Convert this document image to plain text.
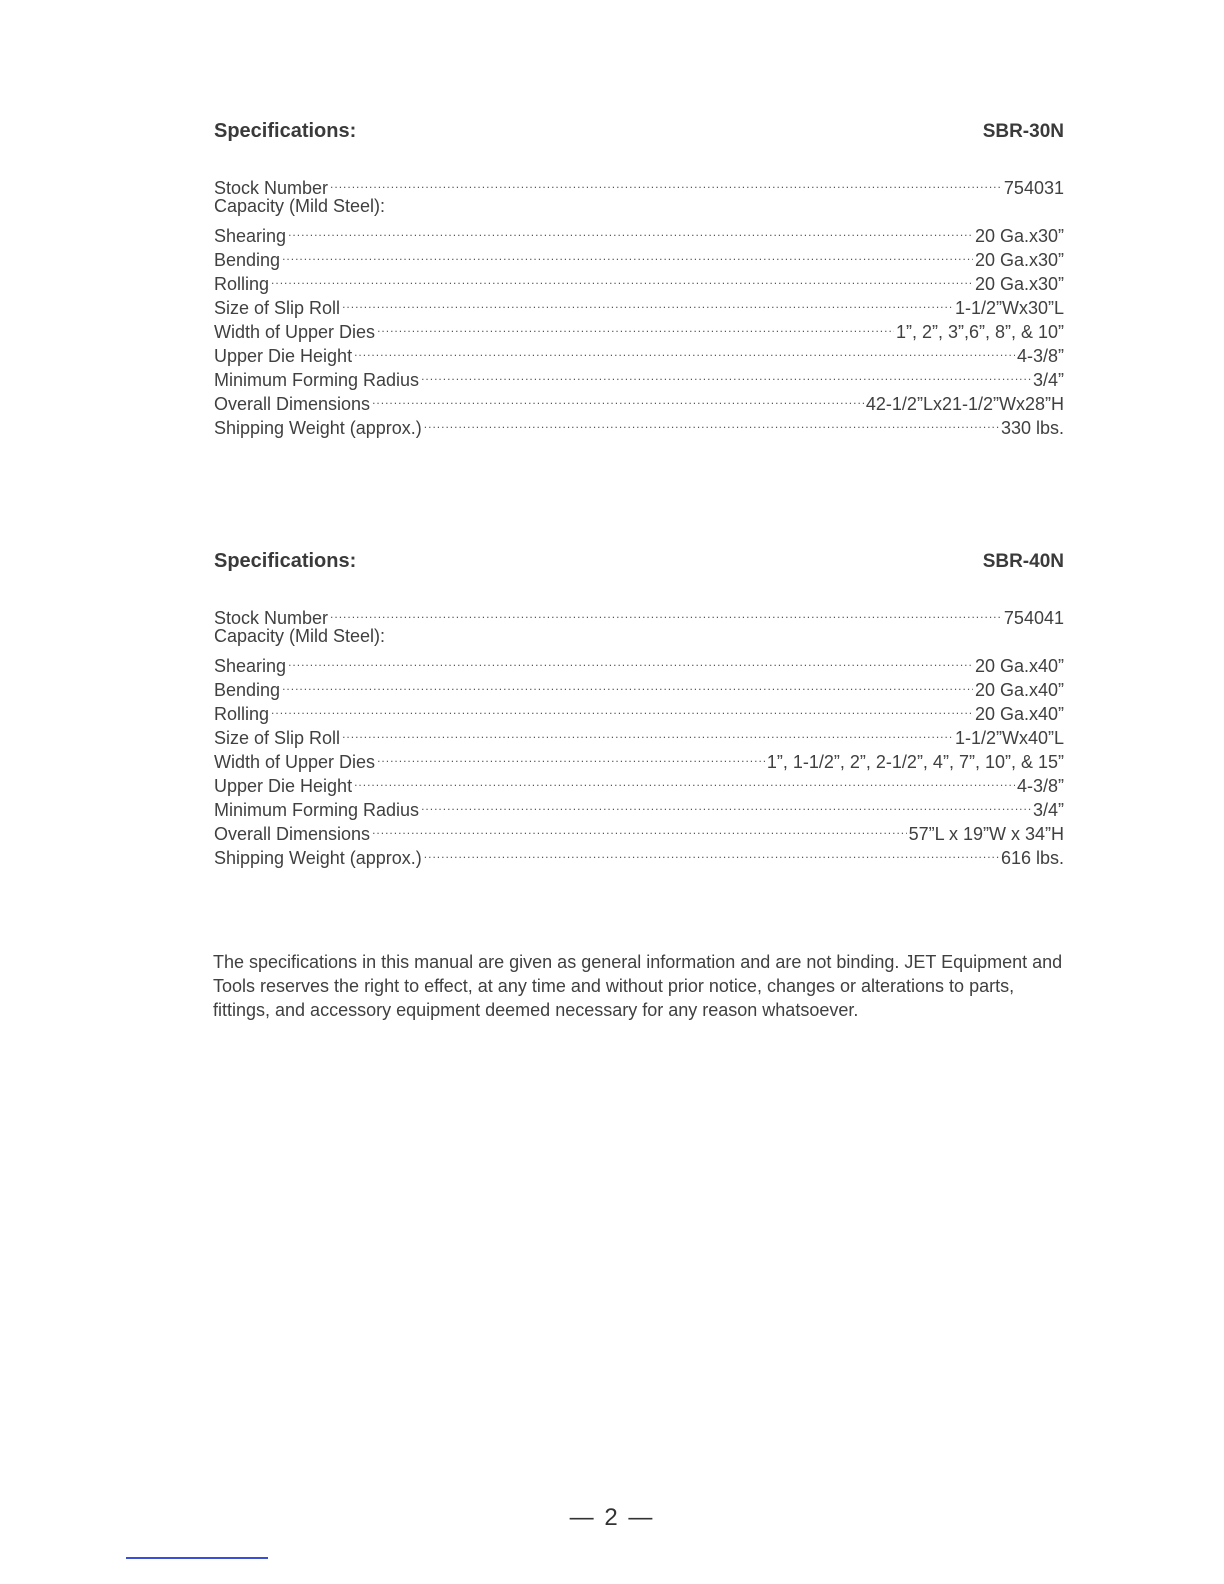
Specifications:	SBR-30N
Stock Number .....	754031
Capacity (Mild Steel):
Shearing .....	20 Ga.x30”
Bending .....	20 Ga.x30”
Rolling .....	20 Ga.x30”
Size of Slip Roll .....	1-1/2”Wx30”L
Width of Upper Dies .....	1”, 2”, 3”,6”, 8”, & 10”
Upper Die Height .....	4-3/8”
Minimum Forming Radius .....	3/4”
Overall Dimensions .....	42-1/2”Lx21-1/2”Wx28”H
Shipping Weight (approx.) .....	330 lbs.
Specifications:	SBR-40N
Stock Number .....	754041
Capacity (Mild Steel):
Shearing .....	20 Ga.x40”
Bending .....	20 Ga.x40”
Rolling .....	20 Ga.x40”
Size of Slip Roll .....	1-1/2”Wx40”L
Width of Upper Dies .....	1”, 1-1/2”, 2”, 2-1/2”, 4”, 7”, 10”, & 15”
Upper Die Height .....	4-3/8”
Minimum Forming Radius .....	3/4”
Overall Dimensions .....	57”L x 19”W x 34”H
Shipping Weight (approx.) .....	616 lbs.

The specifications in this manual are given as general information and are not binding. JET Equipment and Tools reserves the right to effect, at any time and without prior notice, changes or alterations to parts, fittings, and accessory equipment deemed necessary for any reason whatsoever.

— 2 —
